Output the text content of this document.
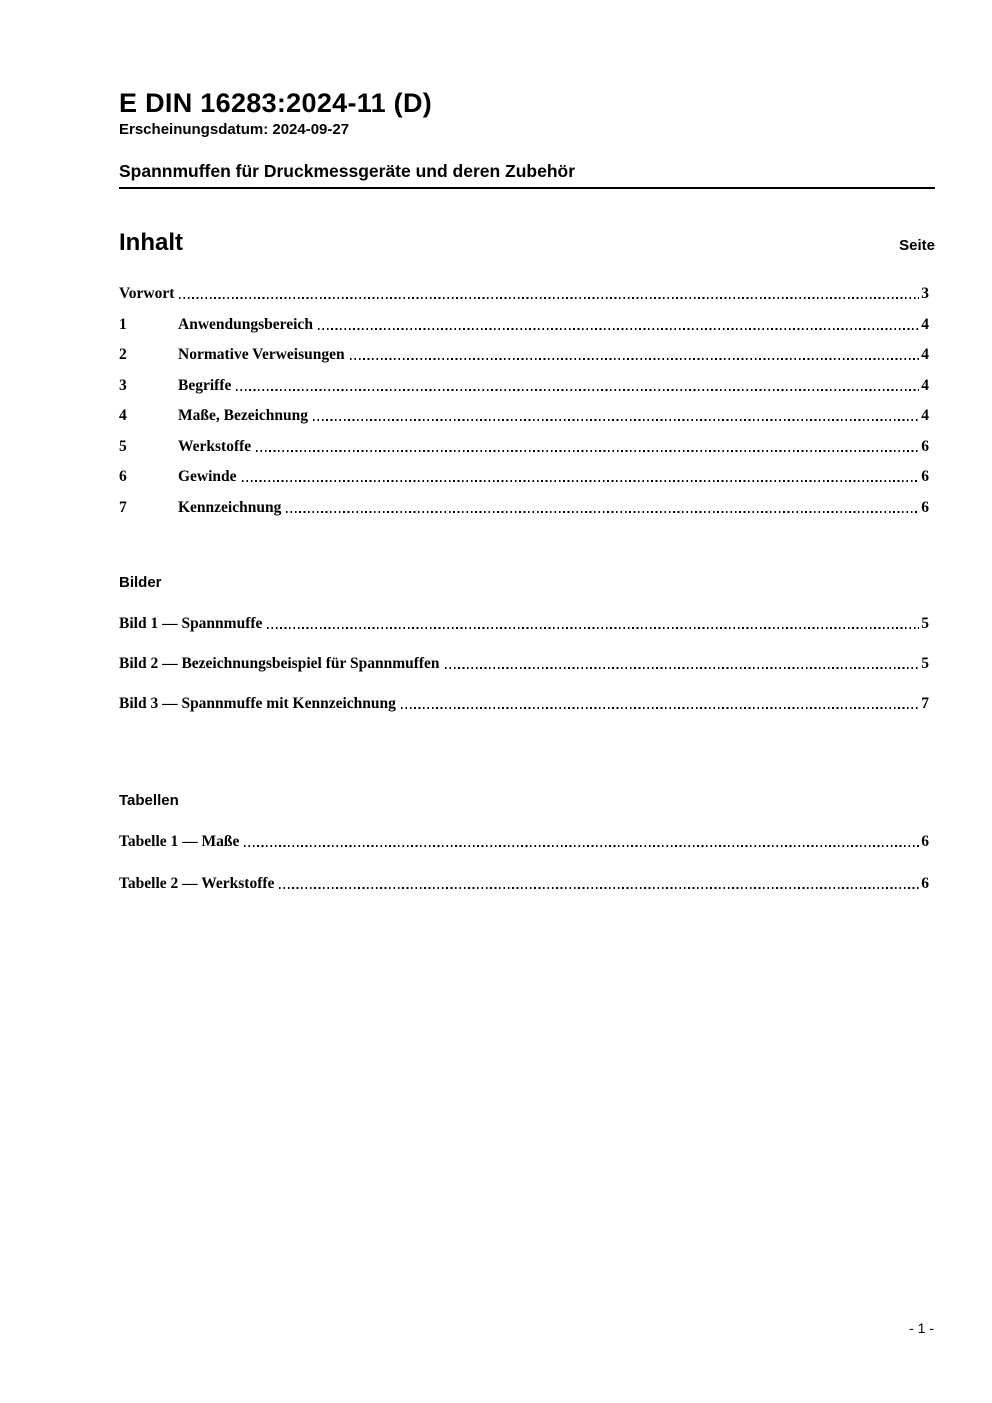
E DIN 16283:2024-11 (D)
Erscheinungsdatum: 2024-09-27
Spannmuffen für Druckmessgeräte und deren Zubehör
Inhalt	Seite
Vorwort	3
1	Anwendungsbereich	4
2	Normative Verweisungen	4
3	Begriffe	4
4	Maße, Bezeichnung	4
5	Werkstoffe	6
6	Gewinde	6
7	Kennzeichnung	6
Bilder
Bild 1 — Spannmuffe	5
Bild 2 — Bezeichnungsbeispiel für Spannmuffen	5
Bild 3 — Spannmuffe mit Kennzeichnung	7
Tabellen
Tabelle 1 — Maße	6
Tabelle 2 — Werkstoffe	6
- 1 -
